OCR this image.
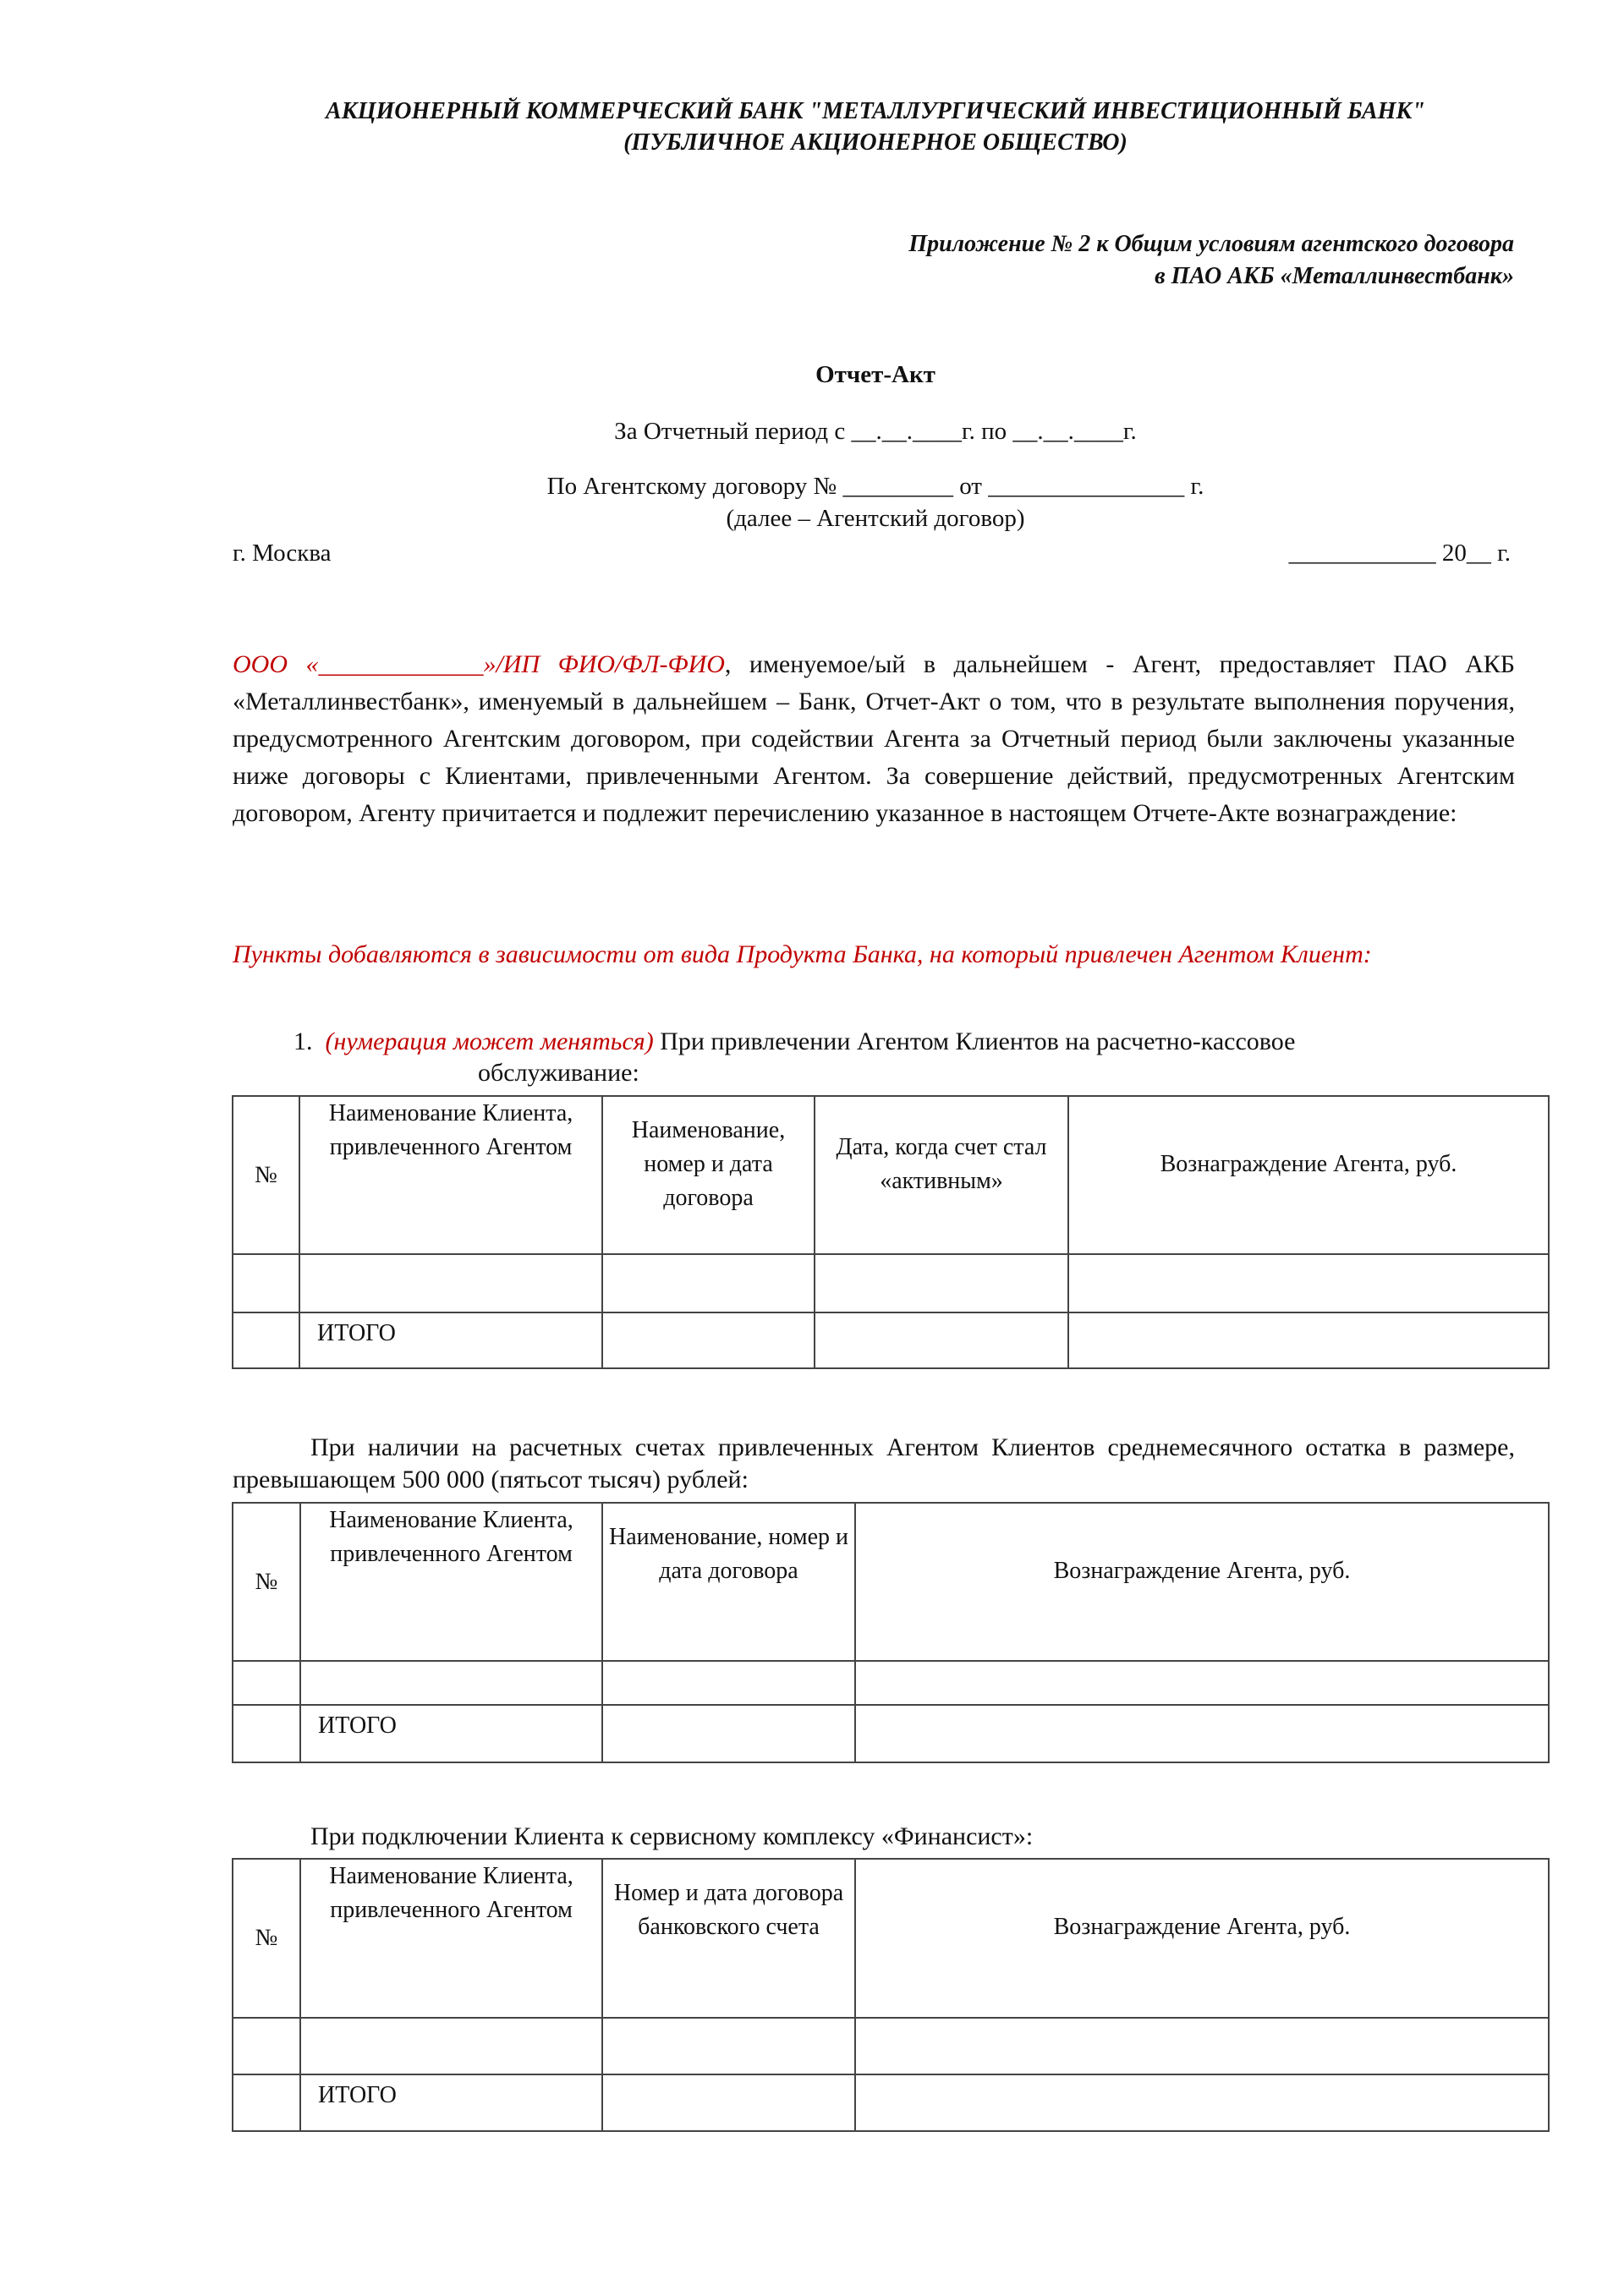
АКЦИОНЕРНЫЙ КОММЕРЧЕСКИЙ БАНК "МЕТАЛЛУРГИЧЕСКИЙ ИНВЕСТИЦИОННЫЙ БАНК"
(ПУБЛИЧНОЕ АКЦИОНЕРНОЕ ОБЩЕСТВО)
Приложение № 2 к Общим условиям агентского договора
в ПАО АКБ «Металлинвестбанк»
Отчет-Акт
За Отчетный период с __.__.____г. по __.__.____г.
По Агентскому договору № _________ от ________________ г.
(далее – Агентский договор)
г. Москва	____________ 20__ г.
ООО «_____________»/ИП ФИО/ФЛ-ФИО, именуемое/ый в дальнейшем - Агент, предоставляет ПАО АКБ «Металлинвестбанк», именуемый в дальнейшем – Банк, Отчет-Акт о том, что в результате выполнения поручения, предусмотренного Агентским договором, при содействии Агента за Отчетный период были заключены указанные ниже договоры с Клиентами, привлеченными Агентом. За совершение действий, предусмотренных Агентским договором, Агенту причитается и подлежит перечислению указанное в настоящем Отчете-Акте вознаграждение:
Пункты добавляются в зависимости от вида Продукта Банка, на который привлечен Агентом Клиент:
1. (нумерация может меняться) При привлечении Агентом Клиентов на расчетно-кассовое
обслуживание:
№	Наименование Клиента, привлеченного Агентом	Наименование, номер и дата договора	Дата, когда счет стал «активным»	Вознаграждение Агента, руб.

	ИТОГО			
При наличии на расчетных счетах привлеченных Агентом Клиентов среднемесячного остатка в размере, превышающем 500 000 (пятьсот тысяч) рублей:
№	Наименование Клиента, привлеченного Агентом	Наименование, номер и дата договора	Вознаграждение Агента, руб.

	ИТОГО		
При подключении Клиента к сервисному комплексу «Финансист»:
№	Наименование Клиента, привлеченного Агентом	Номер и дата договора банковского счета	Вознаграждение Агента, руб.

	ИТОГО		
